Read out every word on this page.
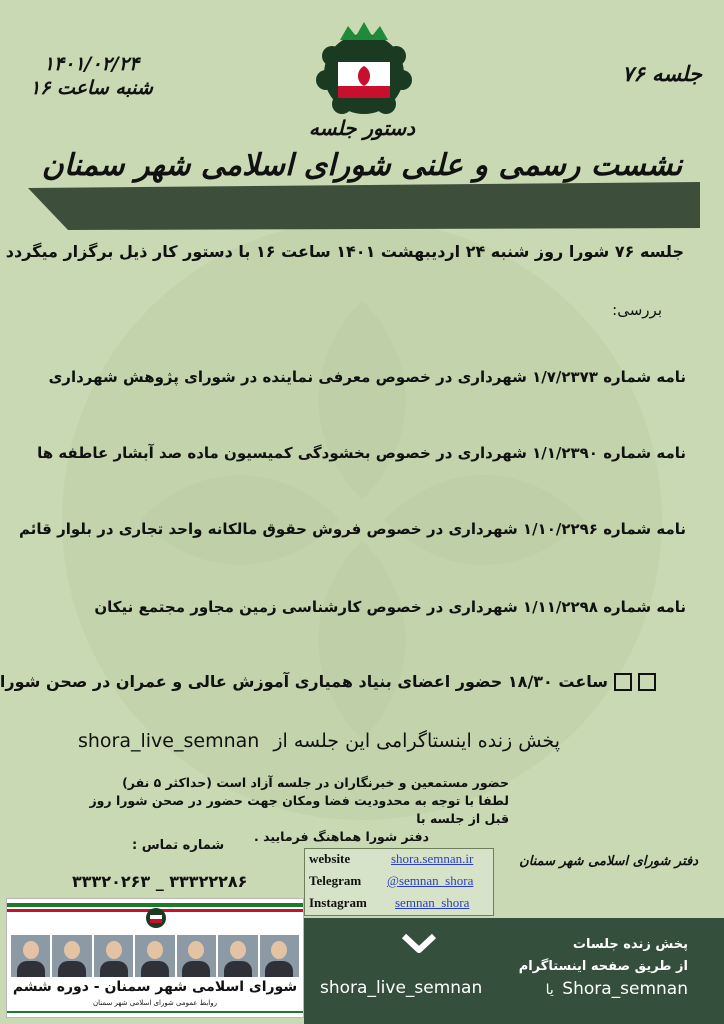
۱۴۰۱/۰۲/۲۴
شنبه ساعت ۱۶
جلسه ۷۶
دستور جلسه
نشست رسمی و علنی شورای اسلامی شهر سمنان
جلسه ۷۶ شورا روز شنبه ۲۴ اردیبهشت ۱۴۰۱ ساعت ۱۶ با دستور کار ذیل برگزار میگردد
بررسی:
نامه شماره ۱/۷/۲۳۷۳ شهرداری در خصوص معرفی نماینده در شورای پژوهش شهرداری
نامه شماره ۱/۱/۲۳۹۰ شهرداری در خصوص بخشودگی کمیسیون ماده صد آبشار عاطفه ها
نامه شماره ۱/۱۰/۲۲۹۶ شهرداری در خصوص فروش حقوق مالکانه واحد تجاری در بلوار قائم
نامه شماره ۱/۱۱/۲۲۹۸ شهرداری در خصوص کارشناسی زمین مجاور مجتمع نیکان
ساعت ۱۸/۳۰ حضور اعضای بنیاد همیاری آموزش عالی و عمران در صحن شورا
پخش زنده اینستاگرامی این جلسه از shora_live_semnan
حضور مستمعین و خبرنگاران در جلسه آزاد است (حداکثر ۵ نفر)
لطفا با توجه به محدودیت فضا ومکان جهت حضور در صحن شورا روز قبل از جلسه با
دفتر شورا هماهنگ فرمایید .
شماره تماس :
۳۳۳۲۰۲۶۳ _ ۳۳۳۲۲۲۸۶
website	shora.semnan.ir
Telegram @semnan_shora
Instagram semnan_shora
دفتر شورای اسلامی شهر سمنان
شورای اسلامی شهر سمنان - دوره ششم
روابط عمومی شورای اسلامی شهر سمنان
shora_live_semnan
پخش زنده جلسات
از طریق صفحه اینستاگرام
Shora_semnan یا
